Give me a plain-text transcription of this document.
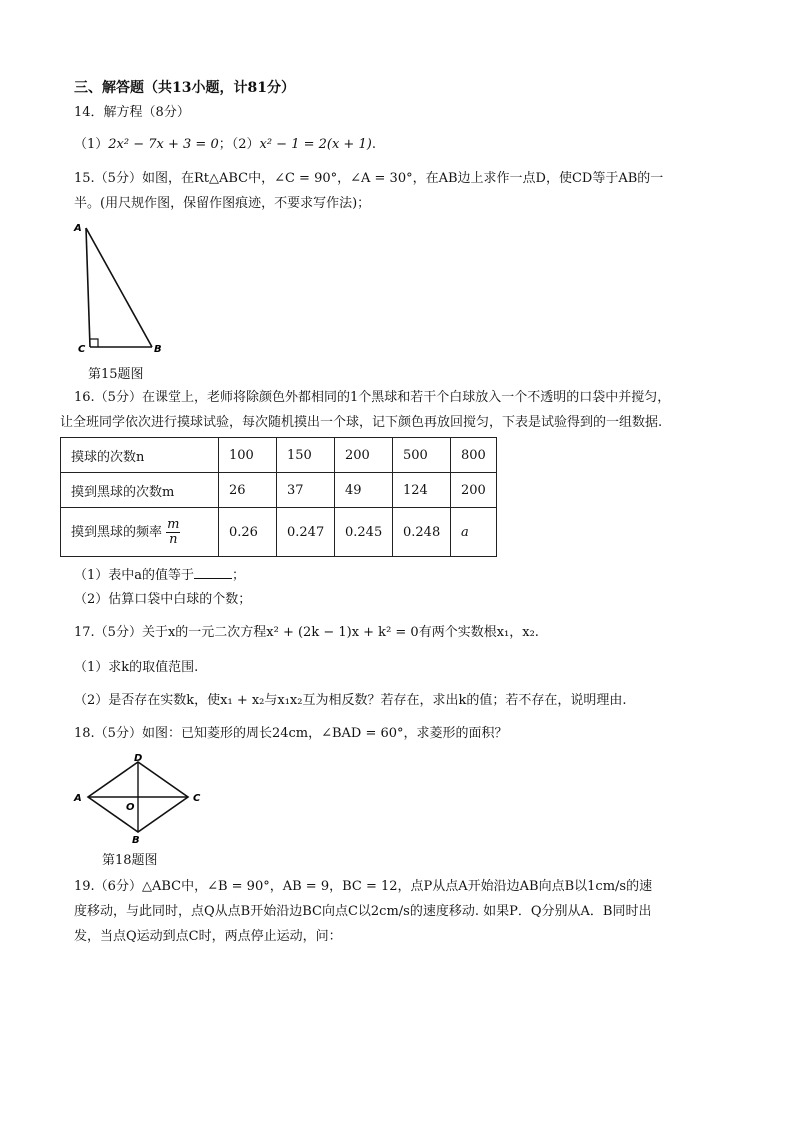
三、解答题（共13小题，计81分）
14．解方程（8分）
（1）2x² − 7x + 3 = 0；（2）x² − 1 = 2(x + 1).
15.（5分）如图，在Rt△ABC中，∠C = 90°，∠A = 30°，在AB边上求作一点D，使CD等于AB的一
半。(用尺规作图，保留作图痕迹，不要求写作法)；
A
C	B
第15题图
16.（5分）在课堂上，老师将除颜色外都相同的1个黑球和若干个白球放入一个不透明的口袋中并搅匀，
让全班同学依次进行摸球试验，每次随机摸出一个球，记下颜色再放回搅匀，下表是试验得到的一组数据.
摸球的次数n	100	150	200	500	800
摸到黑球的次数m	26	37	49	124	200
摸到黑球的频率 $\frac{m}{n}$	0.26	0.247	0.245	0.248	a
（1）表中a的值等于	；
（2）估算口袋中白球的个数；
17.（5分）关于x的一元二次方程x² + (2k − 1)x + k² = 0有两个实数根x₁，x₂.
（1）求k的取值范围.
（2）是否存在实数k，使x₁ + x₂与x₁x₂互为相反数？若存在，求出k的值；若不存在，说明理由.
18.（5分）如图：已知菱形的周长24cm，∠BAD = 60°，求菱形的面积？
D
A
O
C
B
第18题图
19.（6分）△ABC中，∠B = 90°，AB = 9，BC = 12，点P从点A开始沿边AB向点B以1cm/s的速
度移动，与此同时，点Q从点B开始沿边BC向点C以2cm/s的速度移动. 如果P．Q分别从A．B同时出
发，当点Q运动到点C时，两点停止运动，问：
